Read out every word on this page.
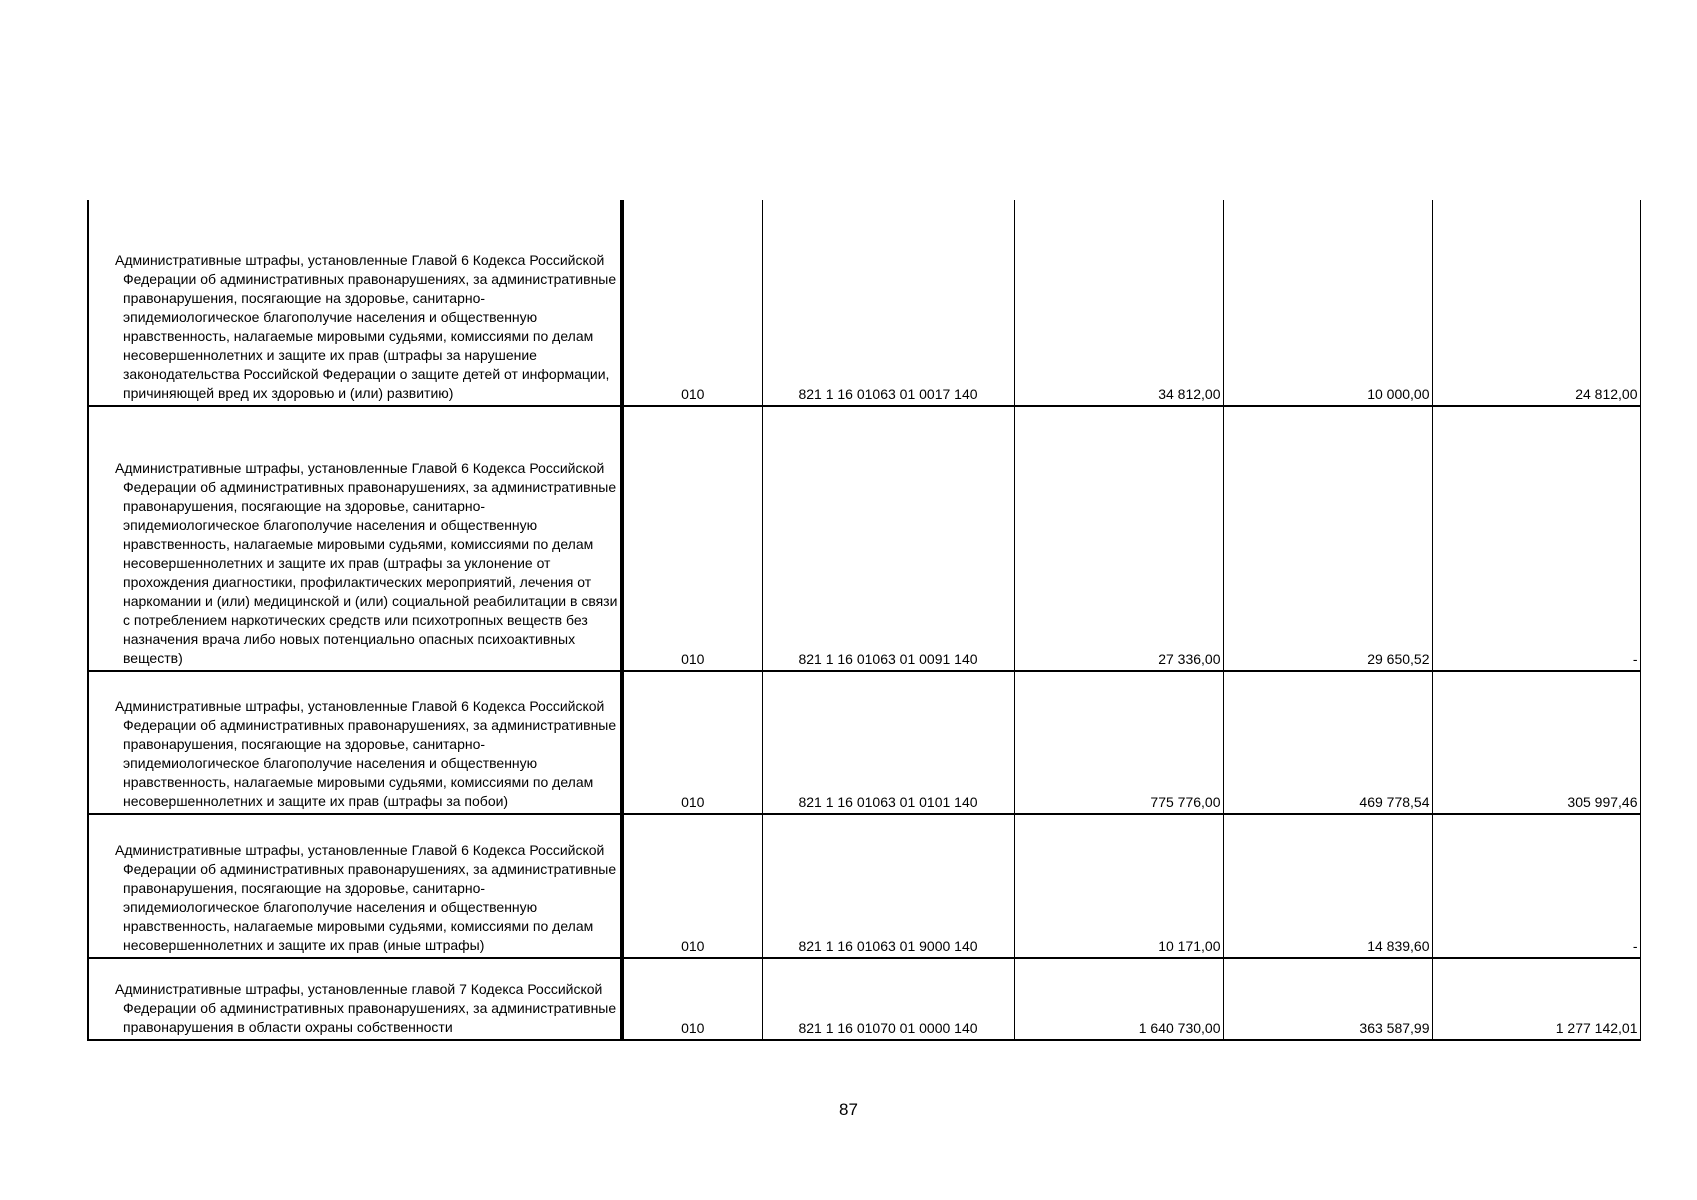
Административные штрафы, установленные Главой 6 Кодекса Российской Федерации об административных правонарушениях, за административные правонарушения, посягающие на здоровье, санитарно-эпидемиологическое благополучие населения и общественную нравственность, налагаемые мировыми судьями, комиссиями по делам несовершеннолетних и защите их прав (штрафы за нарушение законодательства Российской Федерации о защите детей от информации, причиняющей вред их здоровью и (или) развитию)	010	821 1 16 01063 01 0017 140	34 812,00	10 000,00	24 812,00
Административные штрафы, установленные Главой 6 Кодекса Российской Федерации об административных правонарушениях, за административные правонарушения, посягающие на здоровье, санитарно-эпидемиологическое благополучие населения и общественную нравственность, налагаемые мировыми судьями, комиссиями по делам несовершеннолетних и защите их прав (штрафы за уклонение от прохождения диагностики, профилактических мероприятий, лечения от наркомании и (или) медицинской и (или) социальной реабилитации в связи с потреблением наркотических средств или психотропных веществ без назначения врача либо новых потенциально опасных психоактивных веществ)	010	821 1 16 01063 01 0091 140	27 336,00	29 650,52	-
Административные штрафы, установленные Главой 6 Кодекса Российской Федерации об административных правонарушениях, за административные правонарушения, посягающие на здоровье, санитарно-эпидемиологическое благополучие населения и общественную нравственность, налагаемые мировыми судьями, комиссиями по делам несовершеннолетних и защите их прав (штрафы за побои)	010	821 1 16 01063 01 0101 140	775 776,00	469 778,54	305 997,46
Административные штрафы, установленные Главой 6 Кодекса Российской Федерации об административных правонарушениях, за административные правонарушения, посягающие на здоровье, санитарно-эпидемиологическое благополучие населения и общественную нравственность, налагаемые мировыми судьями, комиссиями по делам несовершеннолетних и защите их прав (иные штрафы)	010	821 1 16 01063 01 9000 140	10 171,00	14 839,60	-
Административные штрафы, установленные главой 7 Кодекса Российской Федерации об административных правонарушениях, за административные правонарушения в области охраны собственности	010	821 1 16 01070 01 0000 140	1 640 730,00	363 587,99	1 277 142,01
87
